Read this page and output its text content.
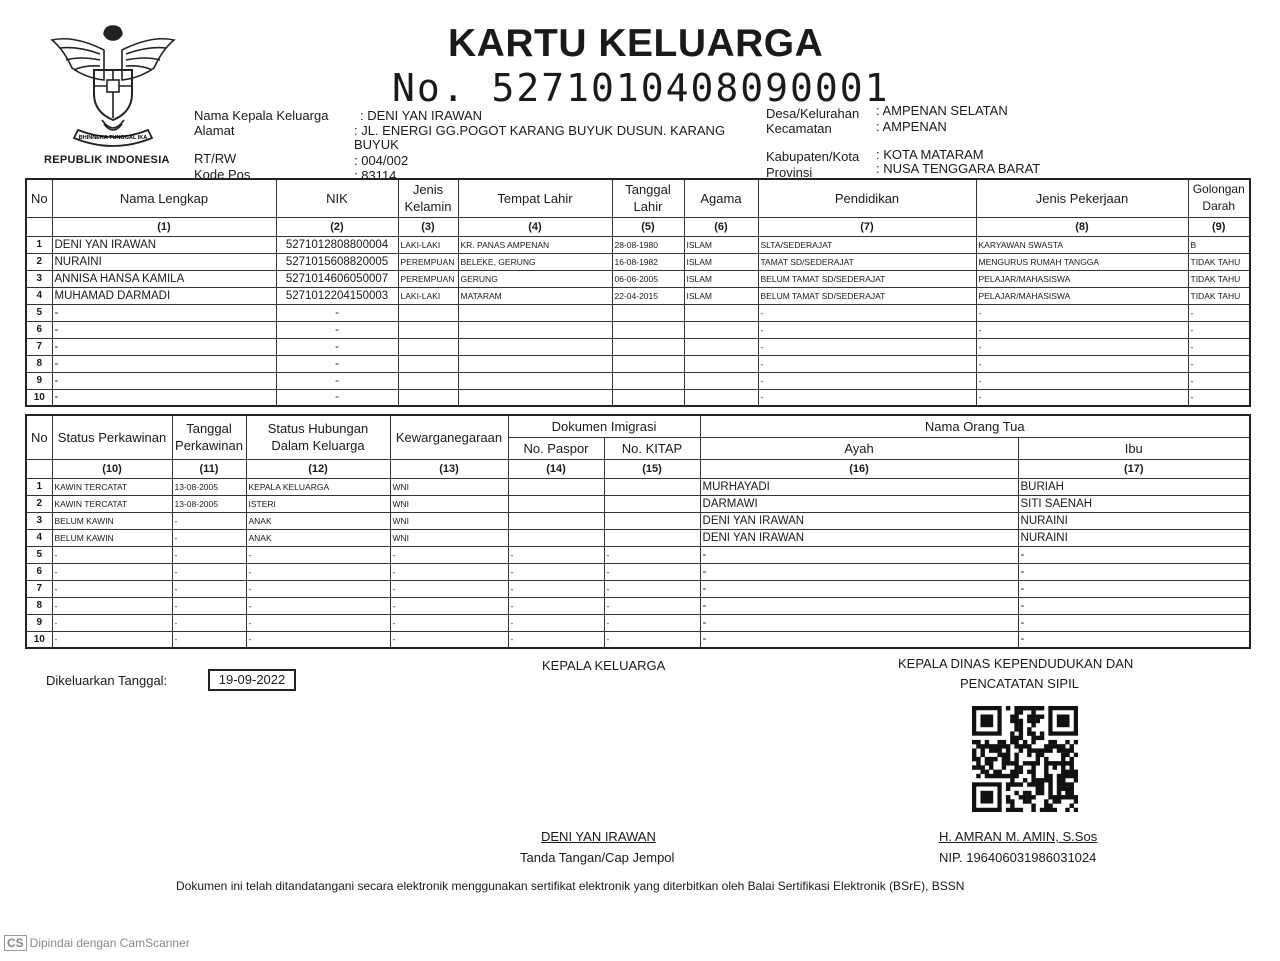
BHINNEKA TUNGGAL IKA
REPUBLIK INDONESIA
KARTU KELUARGA
No. 5271010408090001
Nama Kepala Keluarga : DENI YAN IRAWAN
Alamat	: JL. ENERGI GG.POGOT KARANG BUYUK DUSUN. KARANG
BUYUK
RT/RW	: 004/002
Kode Pos	: 83114
Desa/Kelurahan : AMPENAN SELATAN
Kecamatan	: AMPENAN
Kabupaten/Kota : KOTA MATARAM
Provinsi	: NUSA TENGGARA BARAT
No	Nama Lengkap	NIK	Jenis Kelamin	Tempat Lahir	Tanggal Lahir	Agama	Pendidikan	Jenis Pekerjaan	Golongan Darah
	(1)	(2)	(3)	(4)	(5)	(6)	(7)	(8)	(9)
1	DENI YAN IRAWAN	5271012808800004	LAKI-LAKI	KR. PANAS AMPENAN	28-08-1980	ISLAM	SLTA/SEDERAJAT	KARYAWAN SWASTA	B
2	NURAINI	5271015608820005	PEREMPUAN	BELEKE, GERUNG	16-08-1982	ISLAM	TAMAT SD/SEDERAJAT	MENGURUS RUMAH TANGGA	TIDAK TAHU
3	ANNISA HANSA KAMILA	5271014606050007	PEREMPUAN	GERUNG	06-06-2005	ISLAM	BELUM TAMAT SD/SEDERAJAT	PELAJAR/MAHASISWA	TIDAK TAHU
4	MUHAMAD DARMADI	5271012204150003	LAKI-LAKI	MATARAM	22-04-2015	ISLAM	BELUM TAMAT SD/SEDERAJAT	PELAJAR/MAHASISWA	TIDAK TAHU
5	-	-					-	-	-
6	-	-					-	-	-
7	-	-					-	-	-
8	-	-					-	-	-
9	-	-					-	-	-
10	-	-					-	-	-
No	Status Perkawinan	Tanggal Perkawinan	Status Hubungan Dalam Keluarga	Kewarganegaraan	Dokumen Imigrasi		Nama Orang Tua	
					No. Paspor	No. KITAP	Ayah	Ibu
	(10)	(11)	(12)	(13)	(14)	(15)	(16)	(17)
1	KAWIN TERCATAT	13-08-2005	KEPALA KELUARGA	WNI			MURHAYADI	BURIAH
2	KAWIN TERCATAT	13-08-2005	ISTERI	WNI			DARMAWI	SITI SAENAH
3	BELUM KAWIN	-	ANAK	WNI			DENI YAN IRAWAN	NURAINI
4	BELUM KAWIN	-	ANAK	WNI			DENI YAN IRAWAN	NURAINI
5	-	-	-	-	-	-	-	-
6	-	-	-	-	-	-	-	-
7	-	-	-	-	-	-	-	-
8	-	-	-	-	-	-	-	-
9	-	-	-	-	-	-	-	-
10	-	-	-	-	-	-	-	-
Dikeluarkan Tanggal:	19-09-2022
KEPALA KELUARGA
DENI YAN IRAWAN
Tanda Tangan/Cap Jempol
KEPALA DINAS KEPENDUDUKAN DAN
PENCATATAN SIPIL
H. AMRAN M. AMIN, S.Sos
NIP. 196406031986031024
Dokumen ini telah ditandatangani secara elektronik menggunakan sertifikat elektronik yang diterbitkan oleh Balai Sertifikasi Elektronik (BSrE), BSSN
CS Dipindai dengan CamScanner
